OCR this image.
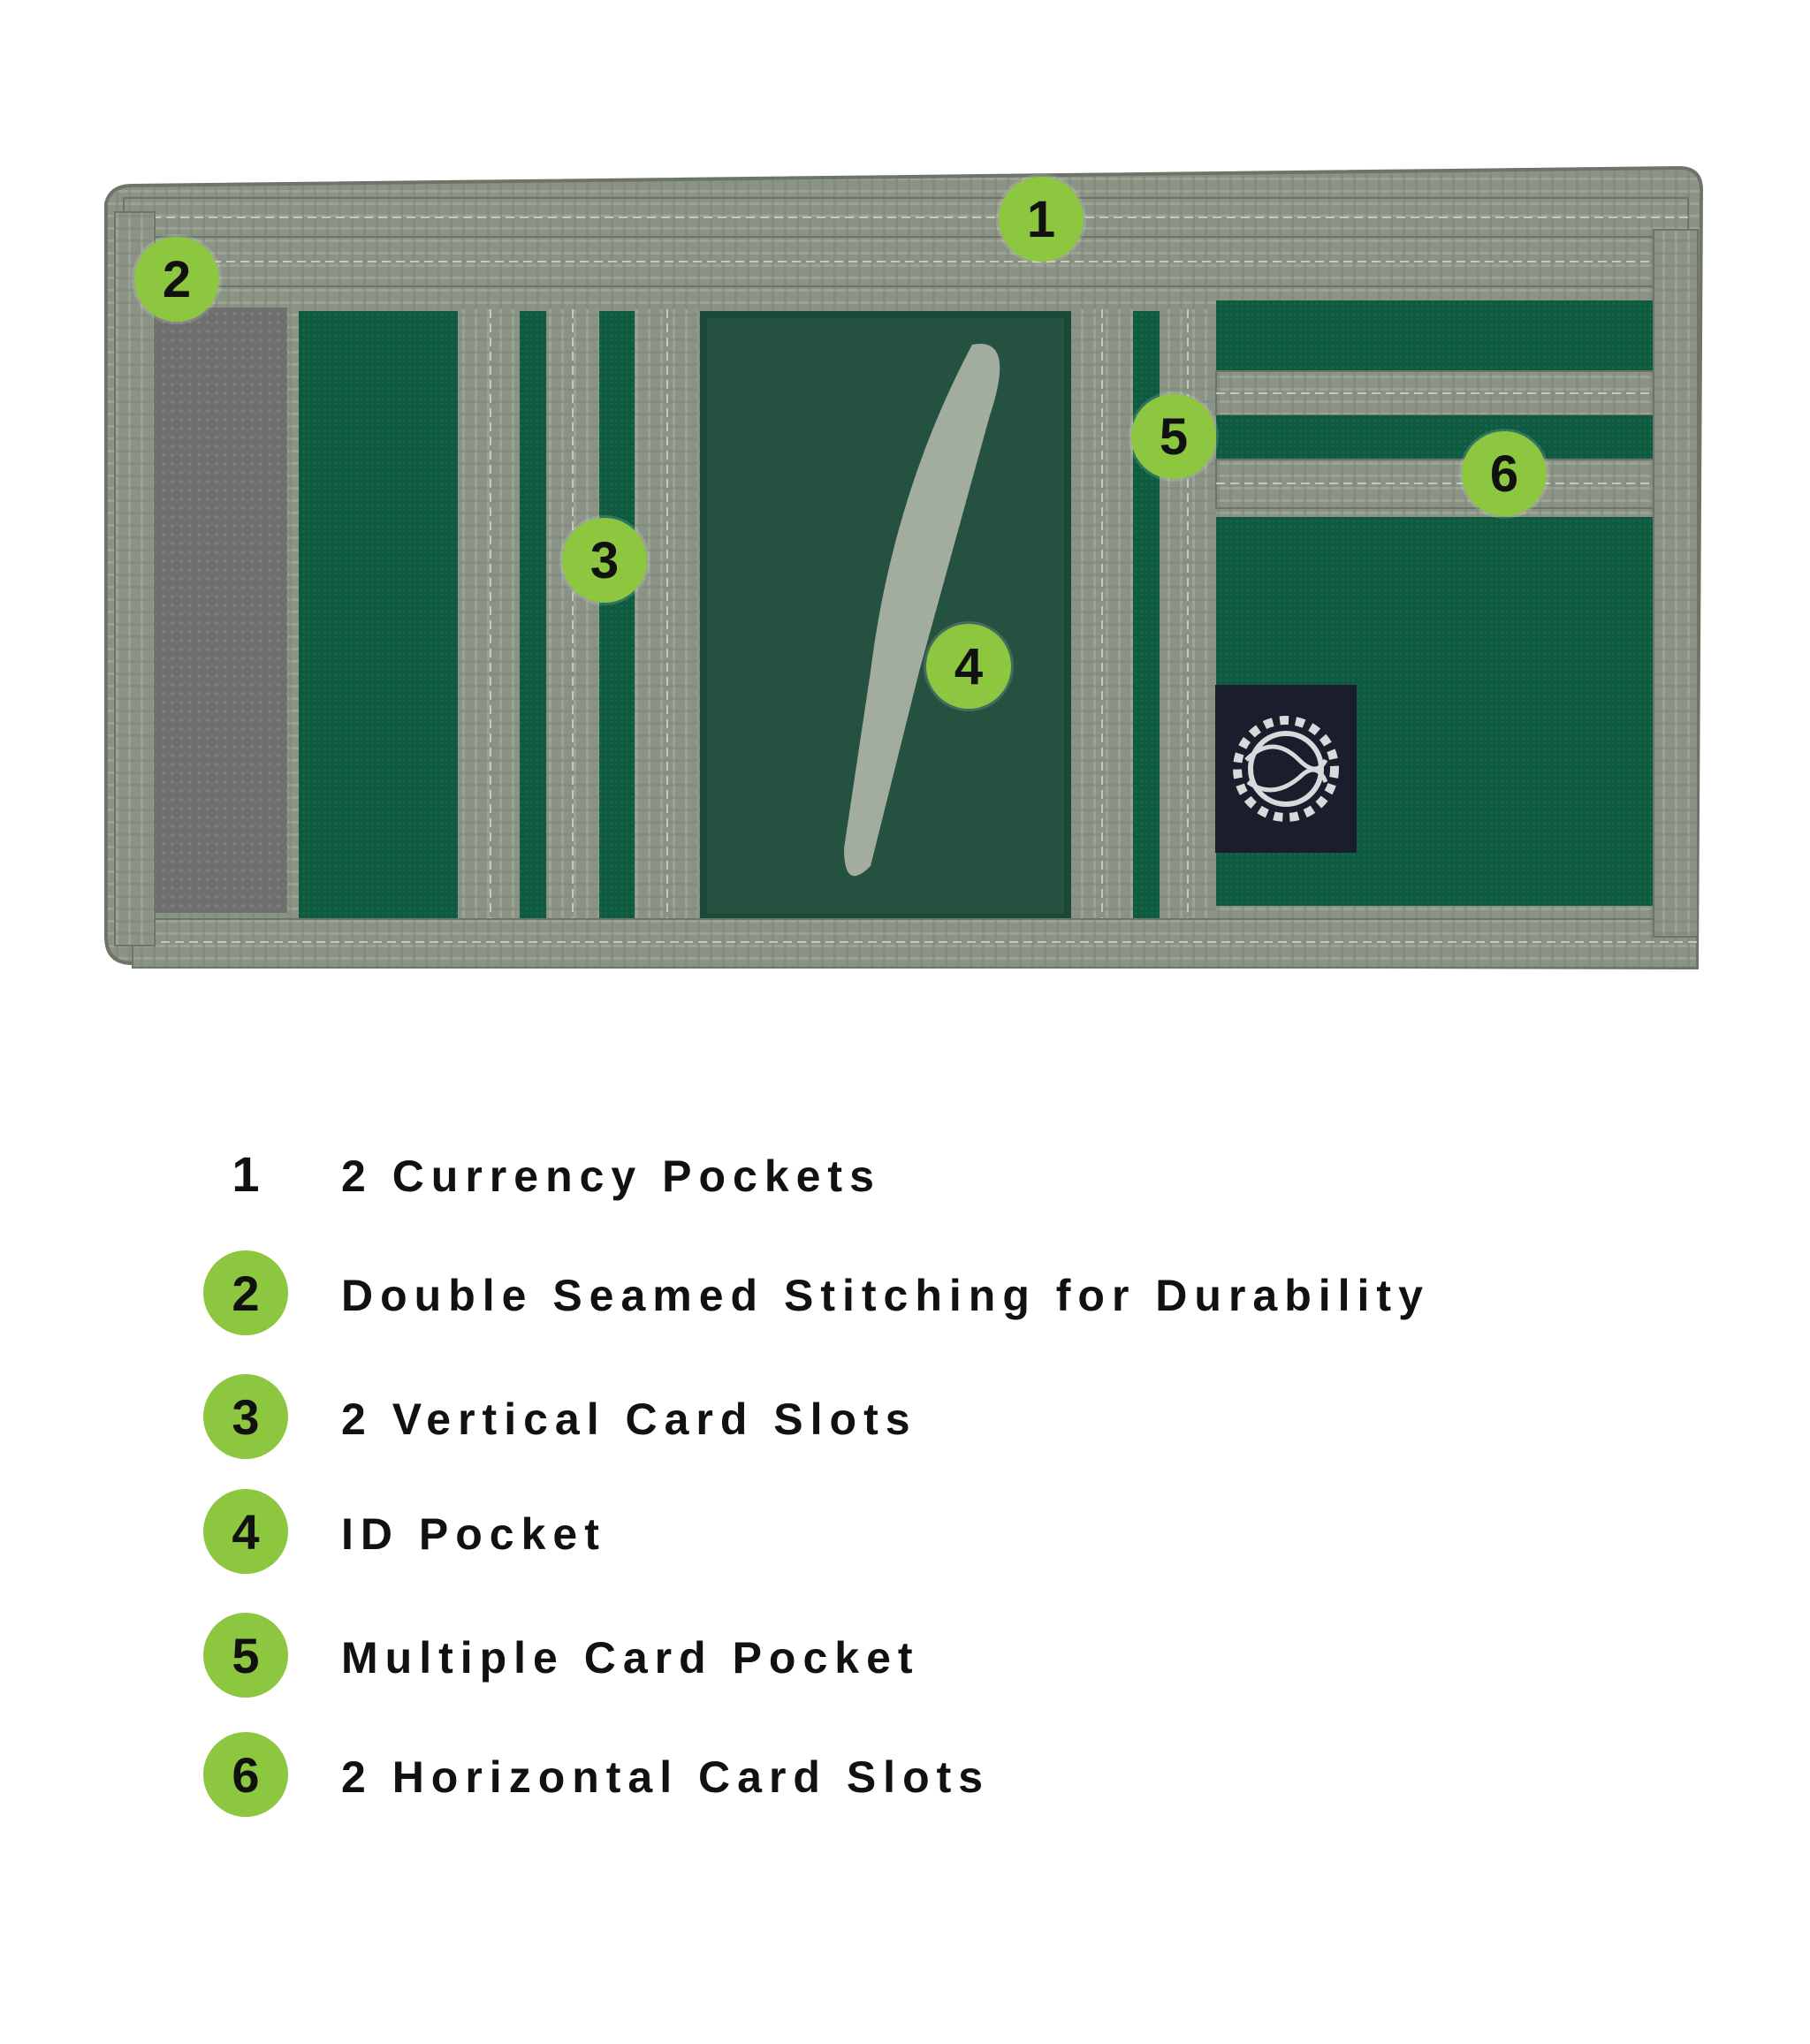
1
2
3
4
5
6
1	2 Currency Pockets
2	Double Seamed Stitching for Durability
3	2 Vertical Card Slots
4	ID Pocket
5	Multiple Card Pocket
6	2 Horizontal Card Slots
